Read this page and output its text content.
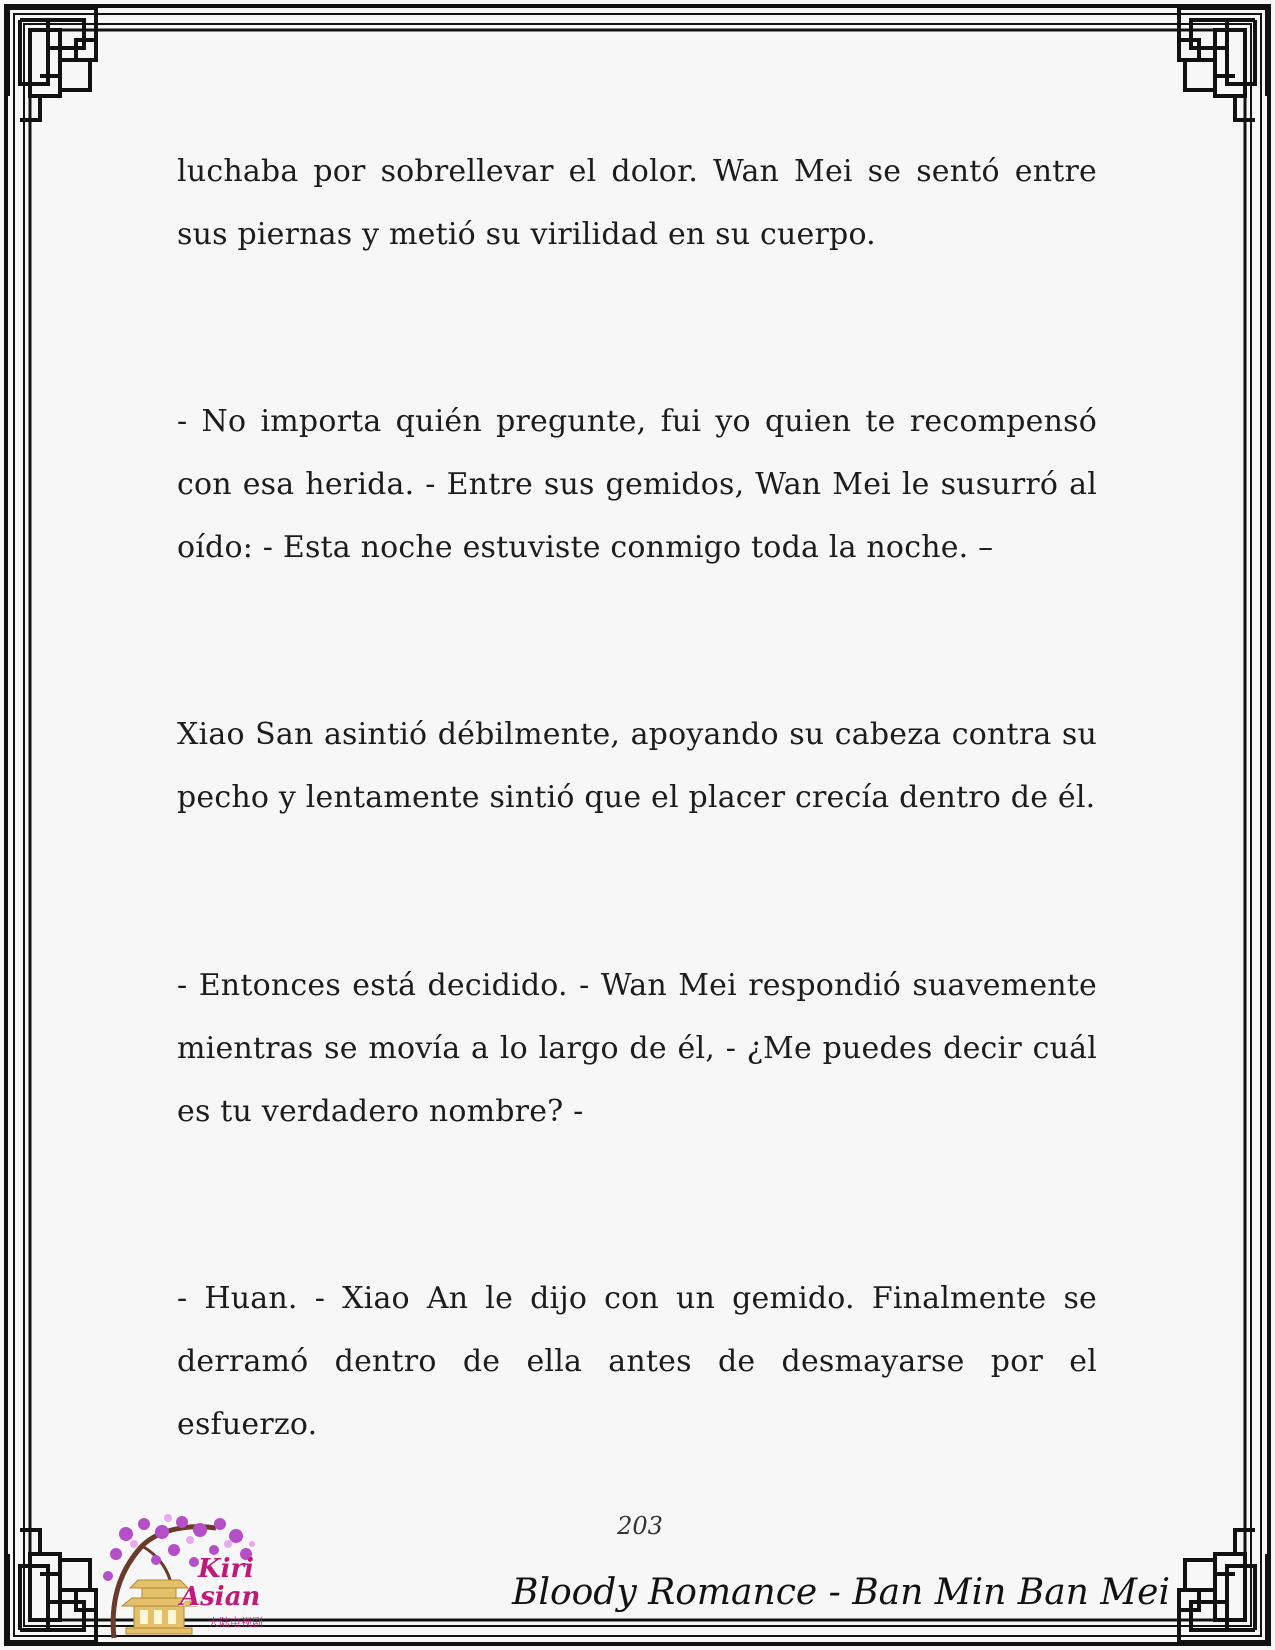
luchaba por sobrellevar el dolor. Wan Mei se sentó entre sus piernas y metió su virilidad en su cuerpo.

- No importa quién pregunte, fui yo quien te recompensó con esa herida. - Entre sus gemidos, Wan Mei le susurró al oído: - Esta noche estuviste conmigo toda la noche. –

Xiao San asintió débilmente, apoyando su cabeza contra su pecho y lentamente sintió que el placer crecía dentro de él.

- Entonces está decidido. - Wan Mei respondió suavemente mientras se movía a lo largo de él, - ¿Me puedes decir cuál es tu verdadero nombre? -

- Huan. - Xiao An le dijo con un gemido. Finalmente se derramó dentro de ella antes de desmayarse por el esfuerzo.

203
Bloody Romance - Ban Min Ban Mei
Kiri
Asian
大陆电视剧
